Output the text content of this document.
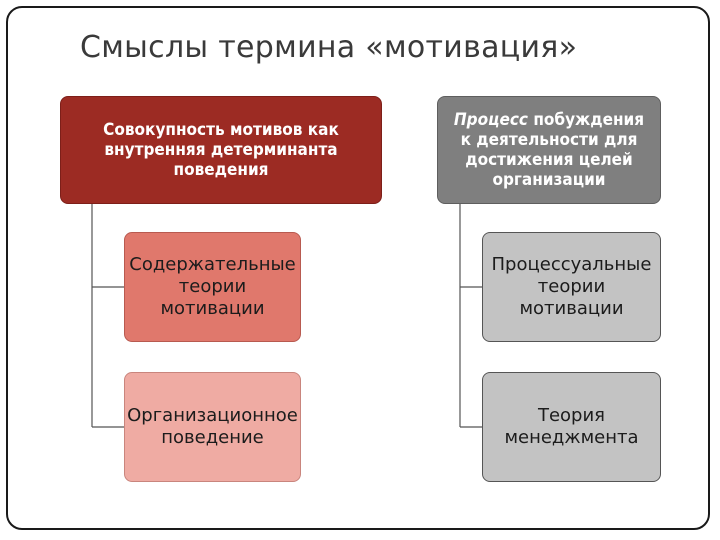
Смыслы термина «мотивация»
Совокупность мотивов как внутренняя детерминанта поведения
Процесс побуждения к деятельности для достижения целей организации
Содержательные теории мотивации
Организационное поведение
Процессуальные теории мотивации
Теория менеджмента
